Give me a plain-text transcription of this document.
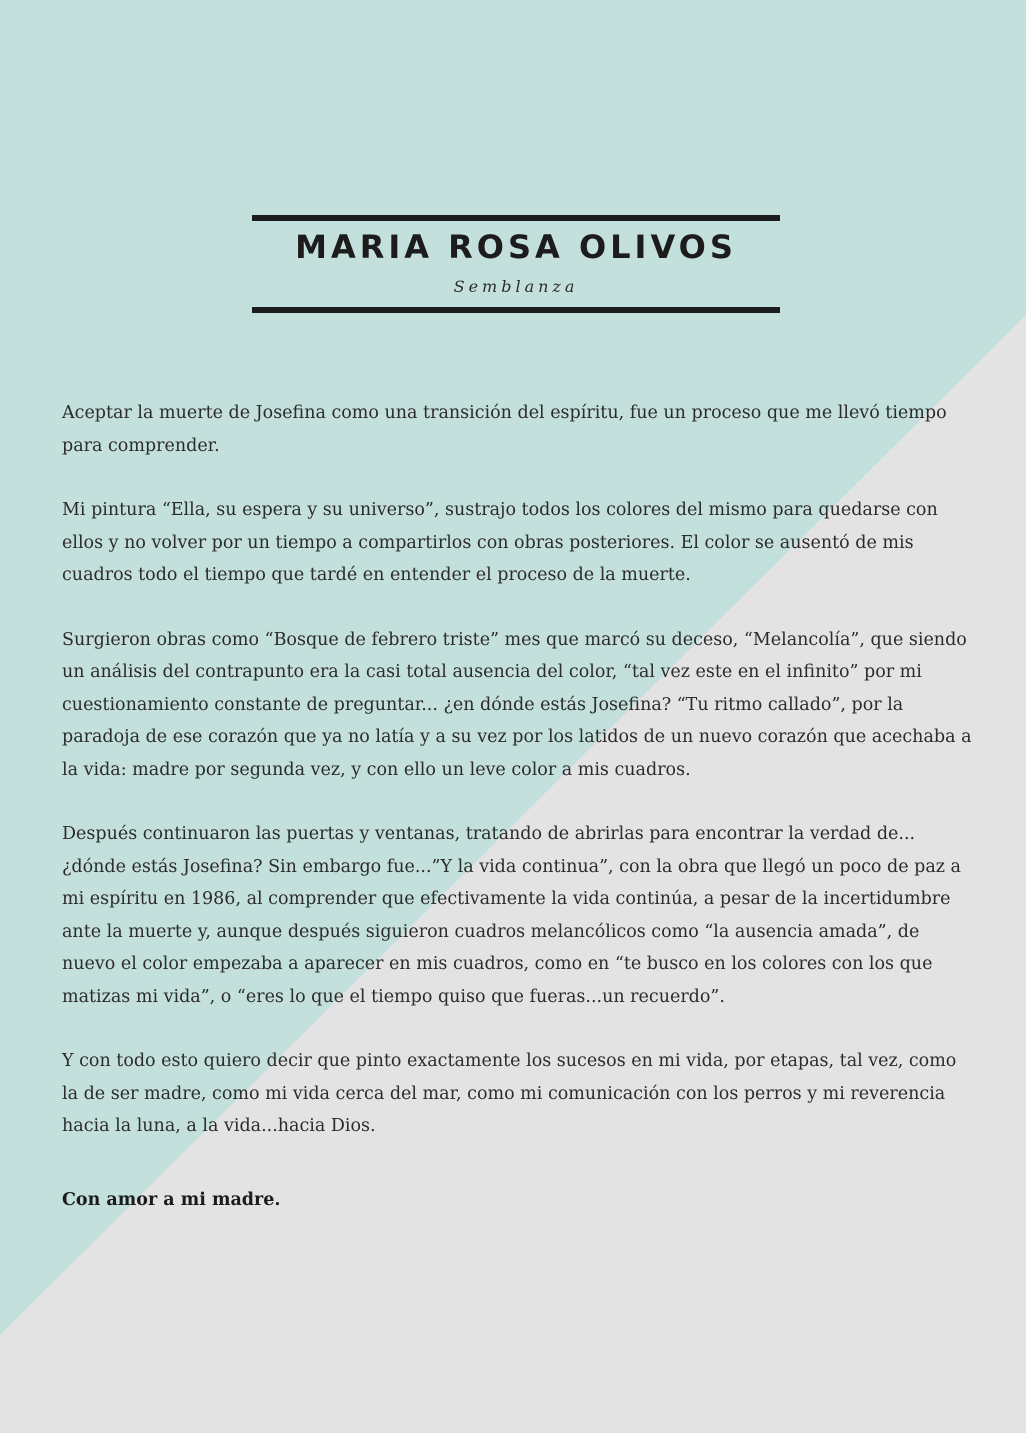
MARIA ROSA OLIVOS

Semblanza

Aceptar la muerte de Josefina como una transición del espíritu, fue un proceso que me llevó tiempo para comprender.

Mi pintura “Ella, su espera y su universo”, sustrajo todos los colores del mismo para quedarse con ellos y no volver por un tiempo a compartirlos con obras posteriores. El color se ausentó de mis cuadros todo el tiempo que tardé en entender el proceso de la muerte.

Surgieron obras como “Bosque de febrero triste” mes que marcó su deceso, “Melancolía”, que siendo un análisis del contrapunto era la casi total ausencia del color, “tal vez este en el infinito” por mi cuestionamiento constante de preguntar... ¿en dónde estás Josefina? “Tu ritmo callado”, por la paradoja de ese corazón que ya no latía y a su vez por los latidos de un nuevo corazón que acechaba a la vida: madre por segunda vez, y con ello un leve color a mis cuadros.

Después continuaron las puertas y ventanas, tratando de abrirlas para encontrar la verdad de... ¿dónde estás Josefina? Sin embargo fue...”Y la vida continua”, con la obra que llegó un poco de paz a mi espíritu en 1986, al comprender que efectivamente la vida continúa, a pesar de la incertidumbre ante la muerte y, aunque después siguieron cuadros melancólicos como “la ausencia amada”, de nuevo el color empezaba a aparecer en mis cuadros, como en “te busco en los colores con los que matizas mi vida”, o “eres lo que el tiempo quiso que fueras...un recuerdo”.

Y con todo esto quiero decir que pinto exactamente los sucesos en mi vida, por etapas, tal vez, como la de ser madre, como mi vida cerca del mar, como mi comunicación con los perros y mi reverencia hacia la luna, a la vida...hacia Dios.

Con amor a mi madre.
